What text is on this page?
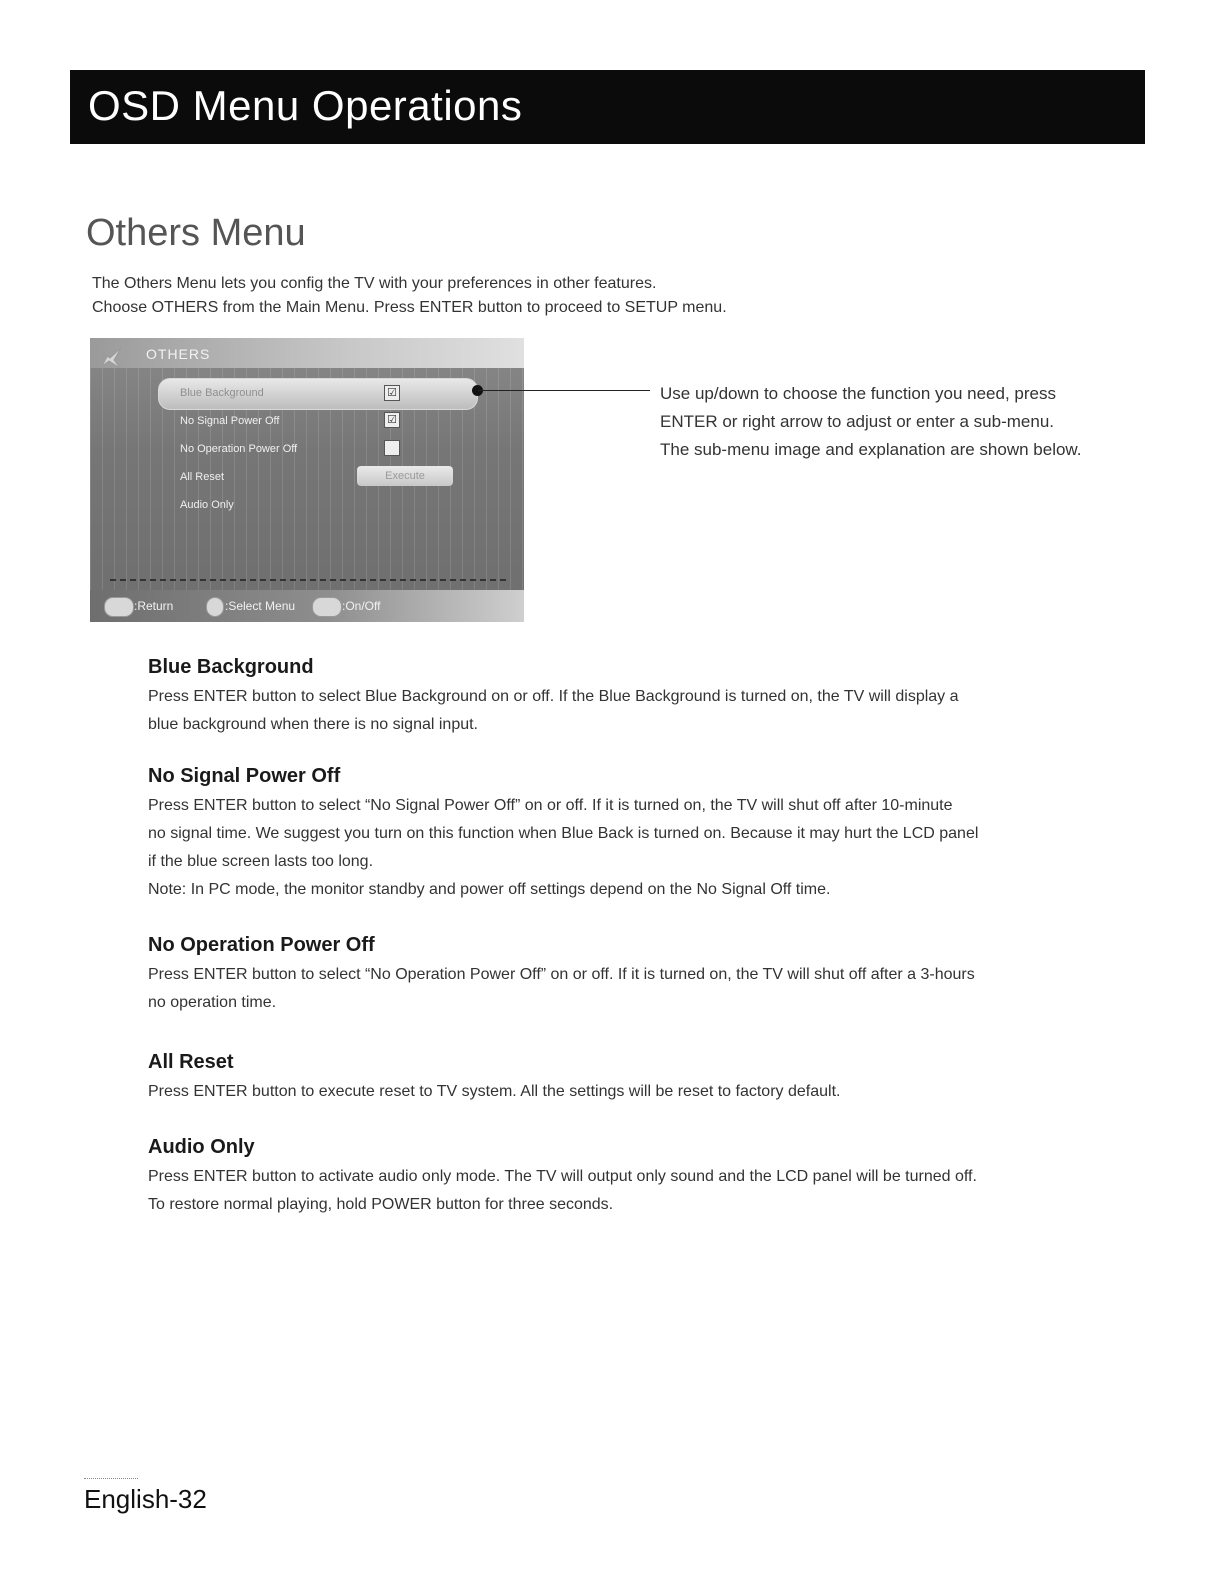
OSD Menu Operations
Others Menu

The Others Menu lets you config the TV with your preferences in other features.

Choose OTHERS from the Main Menu. Press ENTER button to proceed to SETUP menu.

OTHERS
Blue Background	☑
No Signal Power Off	☑
No Operation Power Off
All Reset	Execute
Audio Only
:Return	:Select Menu	:On/Off

Use up/down to choose the function you need, press

ENTER or right arrow to adjust or enter a sub-menu.

The sub-menu image and explanation are shown below.

Blue Background

Press ENTER button to select Blue Background on or off. If the Blue Background is turned on, the TV will display a

blue background when there is no signal input.

No Signal Power Off

Press ENTER button to select “No Signal Power Off” on or off. If it is turned on, the TV will shut off after 10-minute

no signal time. We suggest you turn on this function when Blue Back is turned on. Because it may hurt the LCD panel

if the blue screen lasts too long.

Note: In PC mode, the monitor standby and power off settings depend on the No Signal Off time.

No Operation Power Off

Press ENTER button to select “No Operation Power Off” on or off. If it is turned on, the TV will shut off after a 3-hours

no operation time.

All Reset

Press ENTER button to execute reset to TV system. All the settings will be reset to factory default.

Audio Only

Press ENTER button to activate audio only mode. The TV will output only sound and the LCD panel will be turned off.

To restore normal playing, hold POWER button for three seconds.

English-32
